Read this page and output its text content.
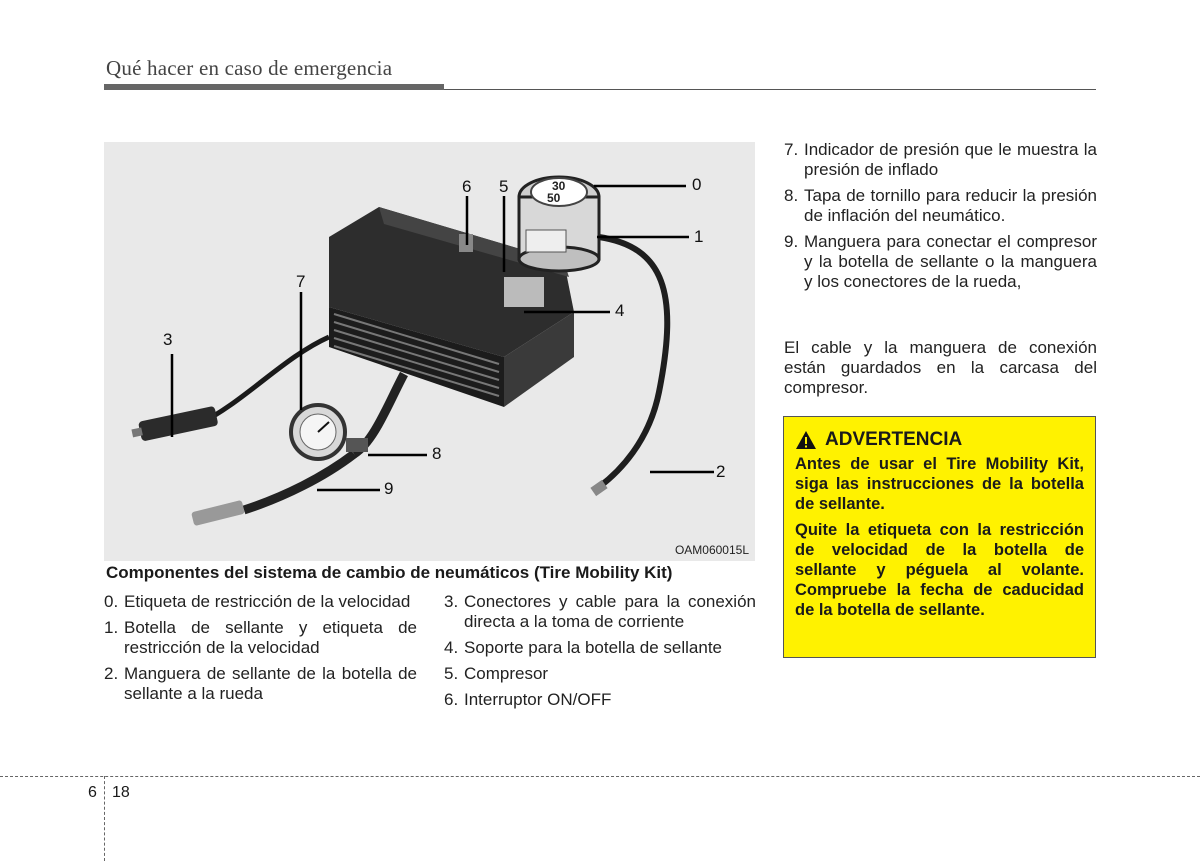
Qué hacer en caso de emergencia
30
50
0
1
2
3
4
5
6
7
8
9
OAM060015L
Componentes del sistema de cambio de neumáticos (Tire Mobility Kit)
0. Etiqueta de restricción de la velocidad
1. Botella de sellante y etiqueta de restricción de la velocidad
2. Manguera de sellante de la botella de sellante a la rueda
3. Conectores y cable para la conexión directa a la toma de corriente
4. Soporte para la botella de sellante
5. Compresor
6. Interruptor ON/OFF
7. Indicador de presión que le muestra la presión de inflado
8. Tapa de tornillo para reducir la presión de inflación del neumático.
9. Manguera para conectar el compresor y la botella de sellante o la manguera y los conectores de la rueda,
El cable y la manguera de conexión están guardados en la carcasa del compresor.
ADVERTENCIA

Antes de usar el Tire Mobility Kit, siga las instrucciones de la botella de sellante.

Quite la etiqueta con la restricción de velocidad de la botella de sellante y péguela al volante. Compruebe la fecha de caducidad de la botella de sellante.

6 18
